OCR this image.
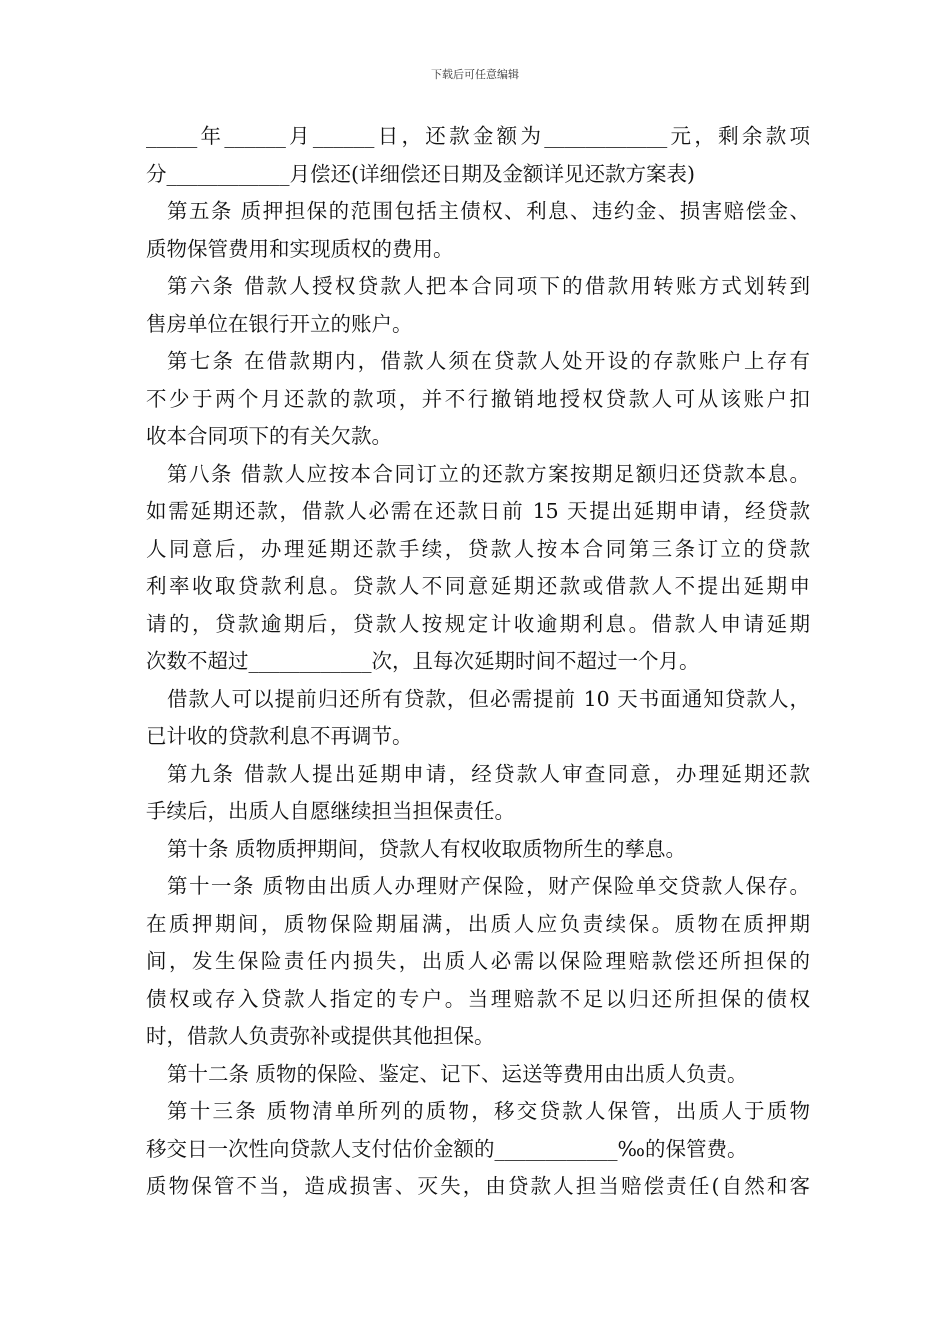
下载后可任意编辑
_____年______月______日，还款金额为____________元，剩余款项
分____________月偿还(详细偿还日期及金额详见还款方案表)
第五条 质押担保的范围包括主债权、利息、违约金、损害赔偿金、
质物保管费用和实现质权的费用。
第六条 借款人授权贷款人把本合同项下的借款用转账方式划转到
售房单位在银行开立的账户。
第七条 在借款期内，借款人须在贷款人处开设的存款账户上存有
不少于两个月还款的款项，并不行撤销地授权贷款人可从该账户扣
收本合同项下的有关欠款。
第八条 借款人应按本合同订立的还款方案按期足额归还贷款本息。
如需延期还款，借款人必需在还款日前 15 天提出延期申请，经贷款
人同意后，办理延期还款手续，贷款人按本合同第三条订立的贷款
利率收取贷款利息。贷款人不同意延期还款或借款人不提出延期申
请的，贷款逾期后，贷款人按规定计收逾期利息。借款人申请延期
次数不超过____________次，且每次延期时间不超过一个月。
借款人可以提前归还所有贷款，但必需提前 10 天书面通知贷款人，
已计收的贷款利息不再调节。
第九条 借款人提出延期申请，经贷款人审查同意，办理延期还款
手续后，出质人自愿继续担当担保责任。
第十条 质物质押期间，贷款人有权收取质物所生的孳息。
第十一条 质物由出质人办理财产保险，财产保险单交贷款人保存。
在质押期间，质物保险期届满，出质人应负责续保。质物在质押期
间，发生保险责任内损失，出质人必需以保险理赔款偿还所担保的
债权或存入贷款人指定的专户。当理赔款不足以归还所担保的债权
时，借款人负责弥补或提供其他担保。
第十二条 质物的保险、鉴定、记下、运送等费用由出质人负责。
第十三条 质物清单所列的质物，移交贷款人保管，出质人于质物
移交日一次性向贷款人支付估价金额的____________‰的保管费。
质物保管不当，造成损害、灭失，由贷款人担当赔偿责任(自然和客
